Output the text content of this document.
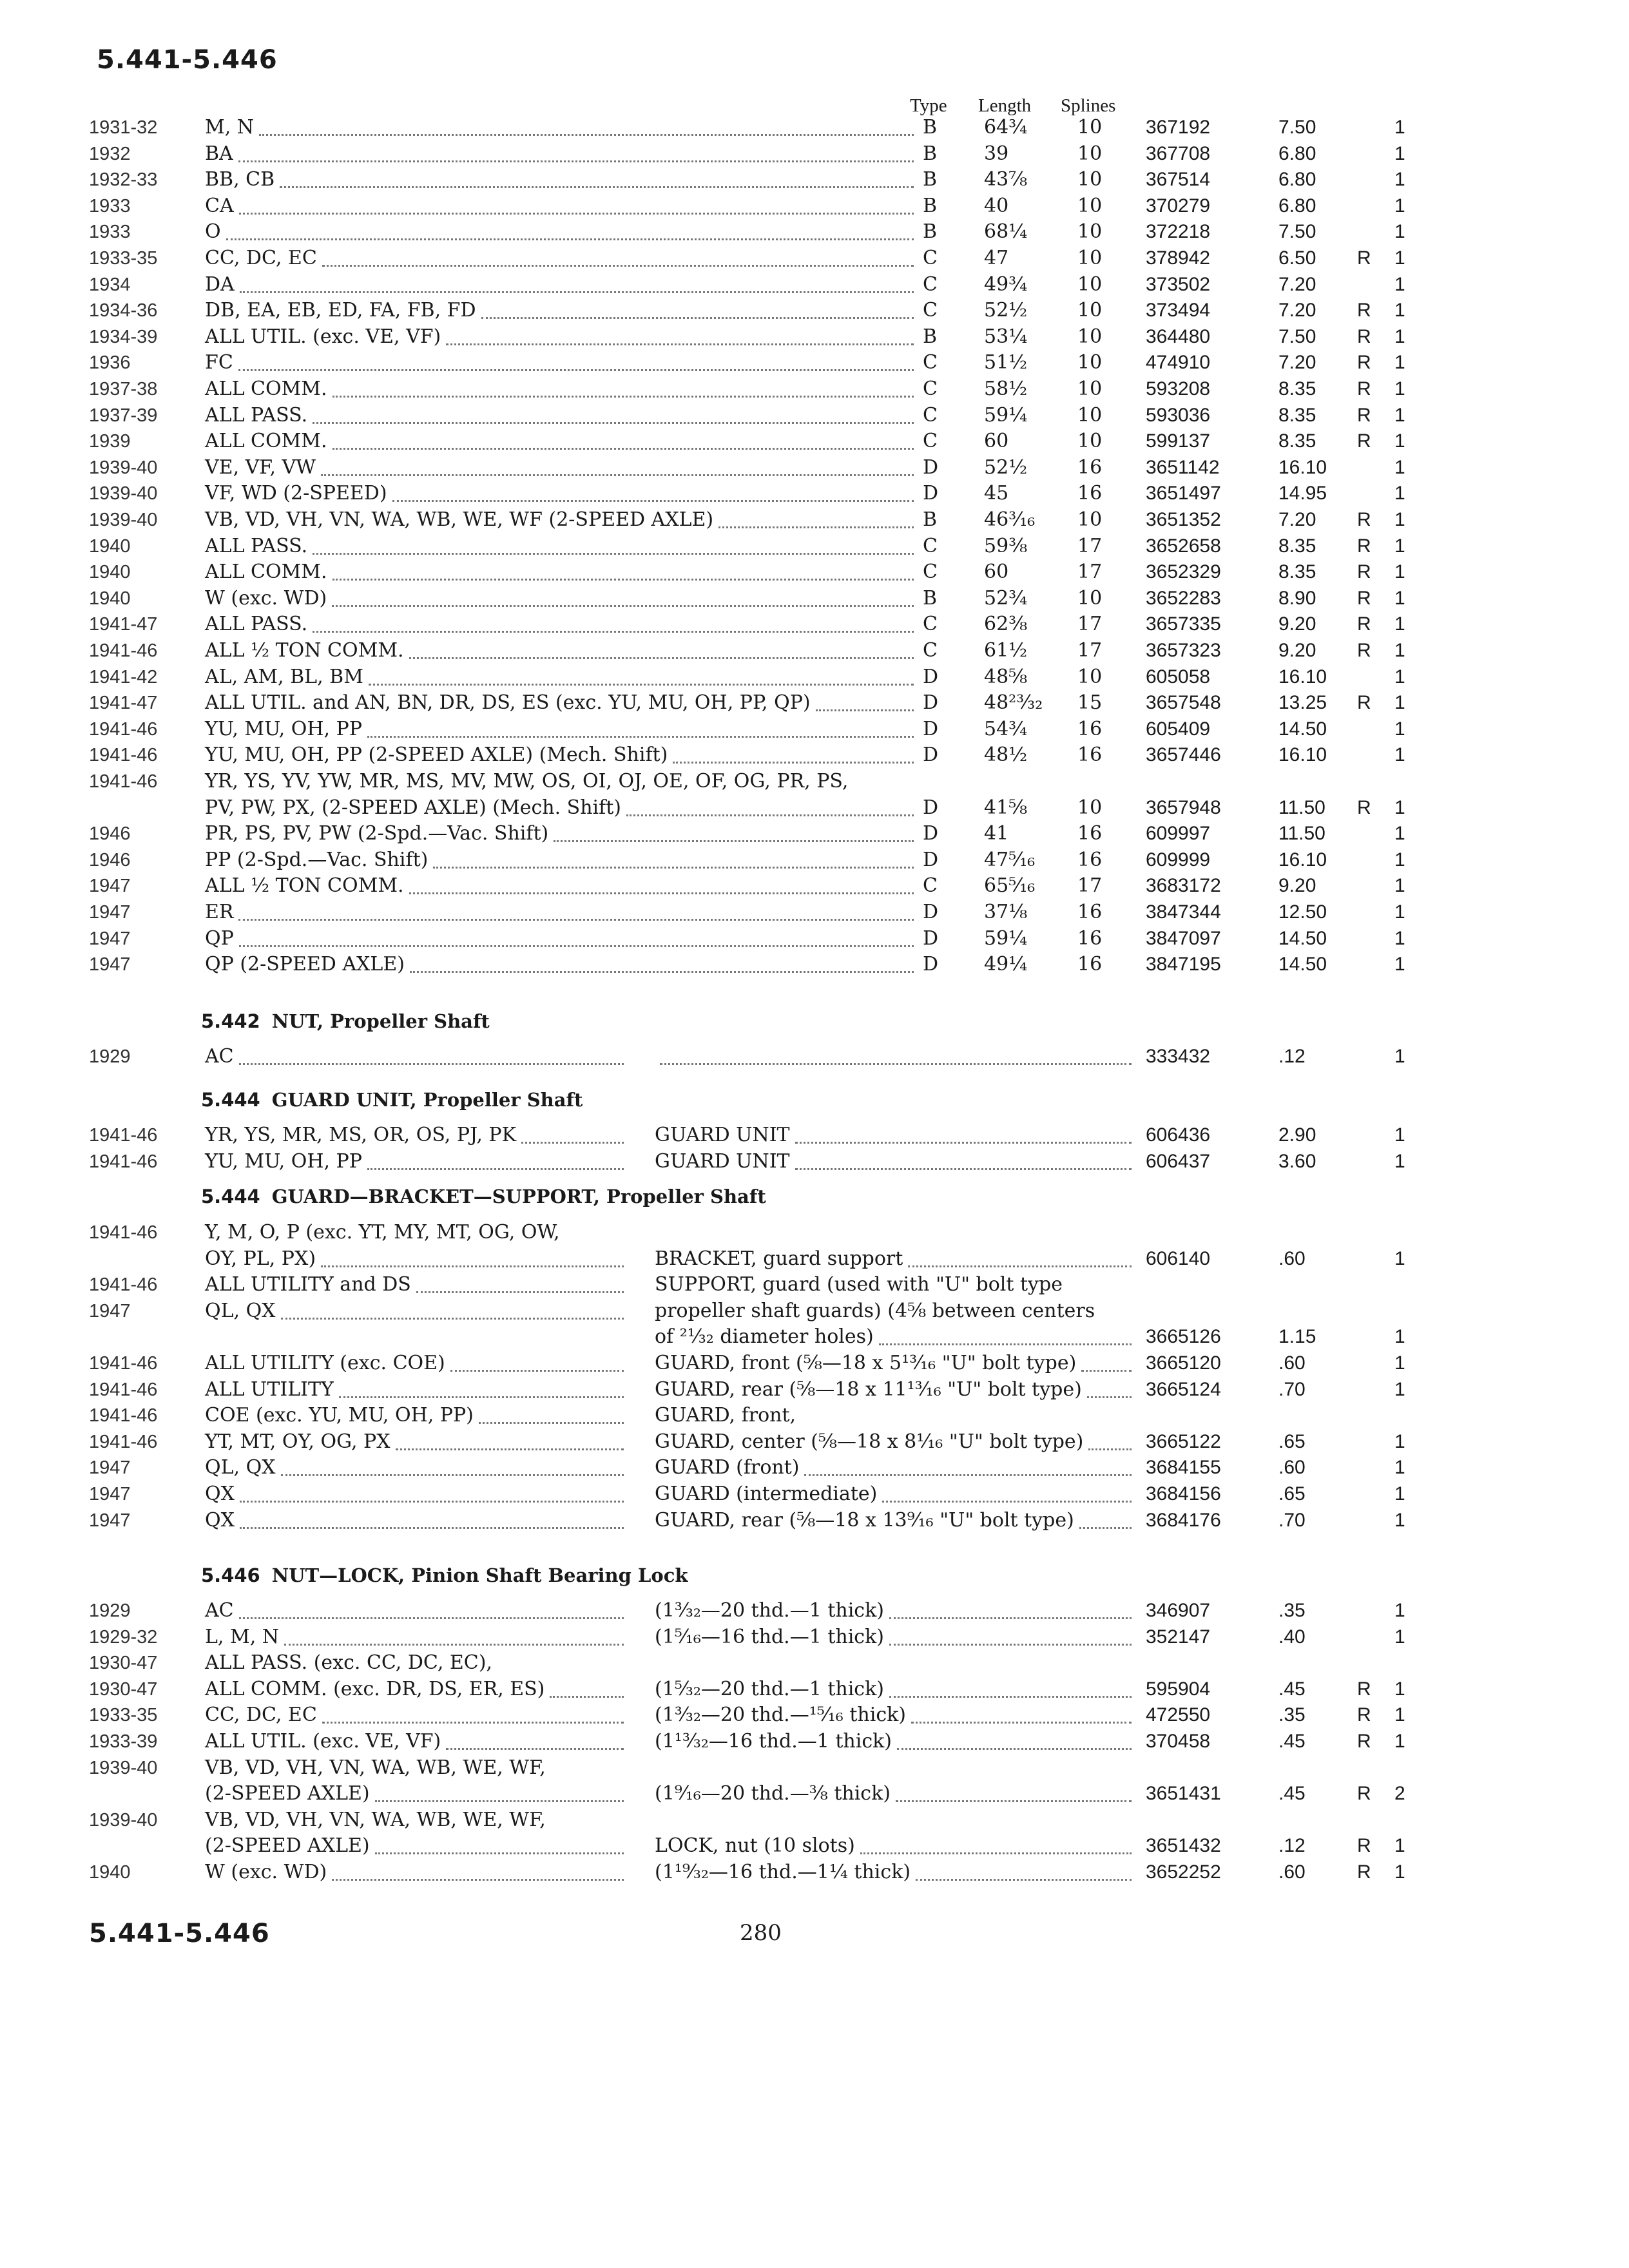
5.441-5.446
Type Length Splines
1931-32	M, N	B 64¾	10 367192	7.50	1
1932	BA	B 39	10 367708	6.80	1
1932-33	BB, CB	B 43⅞	10 367514	6.80	1
1933	CA	B 40	10 370279	6.80	1
1933	O	B 68¼	10 372218	7.50	1
1933-35	CC, DC, EC	C 47	10 378942	6.50 R 1
1934	DA	C 49¾	10 373502	7.20	1
1934-36	DB, EA, EB, ED, FA, FB, FD	C 52½	10 373494	7.20 R 1
1934-39	ALL UTIL. (exc. VE, VF)	B 53¼	10 364480	7.50 R 1
1936	FC	C 51½	10 474910	7.20 R 1
1937-38	ALL COMM.	C 58½	10 593208	8.35 R 1
1937-39	ALL PASS.	C 59¼	10 593036	8.35 R 1
1939	ALL COMM.	C 60	10 599137	8.35 R 1
1939-40	VE, VF, VW	D 52½	16 3651142	16.10	1
1939-40	VF, WD (2-SPEED)	D 45	16 3651497	14.95	1
1939-40	VB, VD, VH, VN, WA, WB, WE, WF (2-SPEED AXLE)	B 46³⁄₁₆ 10 3651352	7.20 R 1
1940	ALL PASS.	C 59⅜	17 3652658	8.35 R 1
1940	ALL COMM.	C 60	17 3652329	8.35 R 1
1940	W (exc. WD)	B 52¾	10 3652283	8.90 R 1
1941-47	ALL PASS.	C 62⅜	17 3657335	9.20 R 1
1941-46	ALL ½ TON COMM.	C 61½	17 3657323	9.20 R 1
1941-42	AL, AM, BL, BM	D 48⅝	10 605058	16.10	1
1941-47	ALL UTIL. and AN, BN, DR, DS, ES (exc. YU, MU, OH, PP, QP)	D 48²³⁄₃₂ 15 3657548	13.25 R 1
1941-46	YU, MU, OH, PP	D 54¾	16 605409	14.50	1
1941-46	YU, MU, OH, PP (2-SPEED AXLE) (Mech. Shift)	D 48½	16 3657446	16.10	1
1941-46	YR, YS, YV, YW, MR, MS, MV, MW, OS, OI, OJ, OE, OF, OG, PR, PS,
PV, PW, PX, (2-SPEED AXLE) (Mech. Shift)	D 41⅝	10 3657948	11.50 R 1
1946	PR, PS, PV, PW (2-Spd.—Vac. Shift)	D 41	16 609997	11.50	1
1946	PP (2-Spd.—Vac. Shift)	D 47⁵⁄₁₆ 16 609999	16.10	1
1947	ALL ½ TON COMM.	C 65⁵⁄₁₆ 17 3683172	9.20	1
1947	ER	D 37⅛	16 3847344	12.50	1
1947	QP	D 59¼	16 3847097	14.50	1
1947	QP (2-SPEED AXLE)	D 49¼	16 3847195	14.50	1
5.442 NUT, Propeller Shaft
1929	AC	333432	.12	1
5.444 GUARD UNIT, Propeller Shaft
1941-46	YR, YS, MR, MS, OR, OS, PJ, PK	GUARD UNIT	606436	2.90	1
1941-46	YU, MU, OH, PP	GUARD UNIT	606437	3.60	1
5.444 GUARD—BRACKET—SUPPORT, Propeller Shaft
1941-46	Y, M, O, P (exc. YT, MY, MT, OG, OW,
OY, PL, PX)	BRACKET, guard support	606140	.60	1
1941-46	ALL UTILITY and DS	SUPPORT, guard (used with "U" bolt type
1947	QL, QX	propeller shaft guards) (4⅝ between centers
of ²¹⁄₃₂ diameter holes)	3665126	1.15	1
1941-46	ALL UTILITY (exc. COE)	GUARD, front (⅝—18 x 5¹³⁄₁₆ "U" bolt type)	3665120	.60	1
1941-46	ALL UTILITY	GUARD, rear (⅝—18 x 11¹³⁄₁₆ "U" bolt type)	3665124	.70	1
1941-46	COE (exc. YU, MU, OH, PP)	GUARD, front,
1941-46	YT, MT, OY, OG, PX	GUARD, center (⅝—18 x 8¹⁄₁₆ "U" bolt type)	3665122	.65	1
1947	QL, QX	GUARD (front)	3684155	.60	1
1947	QX	GUARD (intermediate)	3684156	.65	1
1947	QX	GUARD, rear (⅝—18 x 13⁹⁄₁₆ "U" bolt type)	3684176	.70	1
5.446 NUT—LOCK, Pinion Shaft Bearing Lock
1929	AC	(1³⁄₃₂—20 thd.—1 thick)	346907	.35	1
1929-32	L, M, N	(1⁵⁄₁₆—16 thd.—1 thick)	352147	.40	1
1930-47	ALL PASS. (exc. CC, DC, EC),
1930-47	ALL COMM. (exc. DR, DS, ER, ES)	(1⁵⁄₃₂—20 thd.—1 thick)	595904	.45	R 1
1933-35	CC, DC, EC	(1³⁄₃₂—20 thd.—¹⁵⁄₁₆ thick)	472550	.35	R 1
1933-39	ALL UTIL. (exc. VE, VF)	(1¹³⁄₃₂—16 thd.—1 thick)	370458	.45	R 1
1939-40	VB, VD, VH, VN, WA, WB, WE, WF,
(2-SPEED AXLE)	(1⁹⁄₁₆—20 thd.—⅜ thick)	3651431	.45	R 2
1939-40	VB, VD, VH, VN, WA, WB, WE, WF,
(2-SPEED AXLE)	LOCK, nut (10 slots)	3651432	.12	R 1
1940	W (exc. WD)	(1¹⁹⁄₃₂—16 thd.—1¼ thick)	3652252	.60	R 1
5.441-5.446	280
